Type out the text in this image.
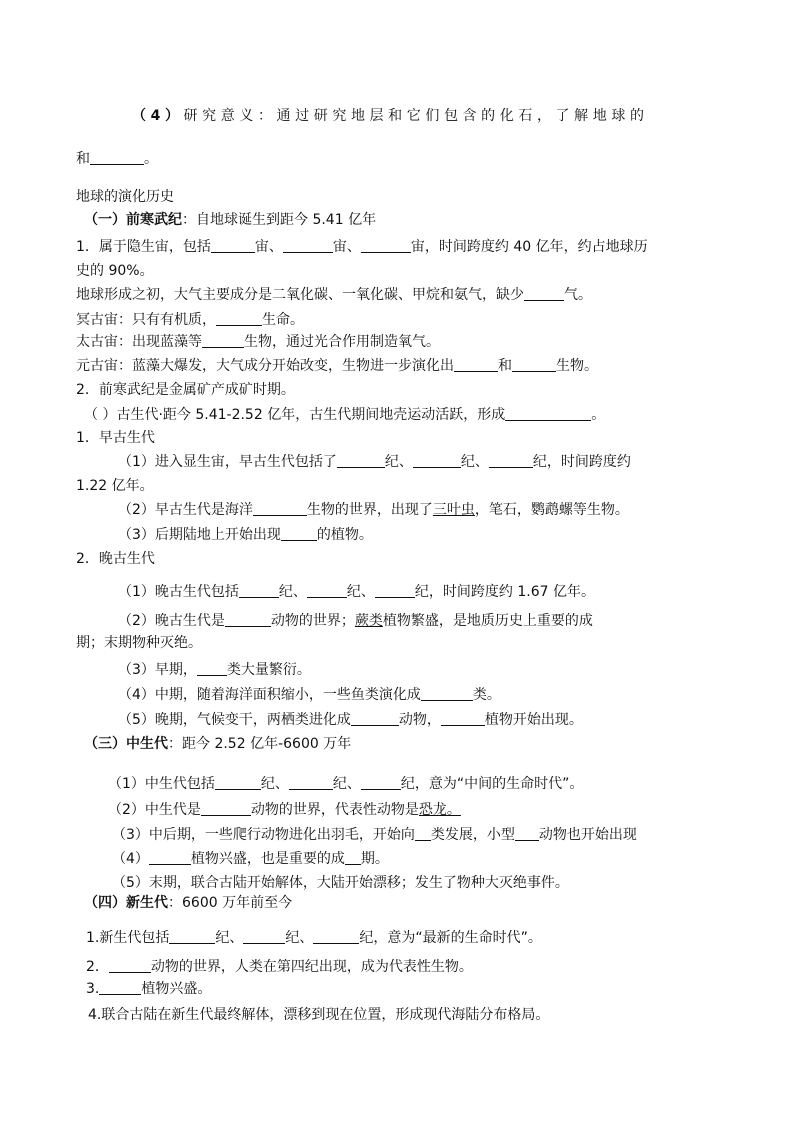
（4）研究意义：通过研究地层和它们包含的化石，了解地球的
和	。
地球的演化历史
（一）前寒武纪：自地球诞生到距今 5.41 亿年
1．属于隐生宙，包括	宙、	宙、	宙，时间跨度约 40 亿年，约占地球历
史的 90%。
地球形成之初，大气主要成分是二氧化碳、一氧化碳、甲烷和氨气，缺少	气。
冥古宙：只有有机质，	生命。
太古宙：出现蓝藻等	生物，通过光合作用制造氧气。
元古宙：蓝藻大爆发，大气成分开始改变，生物进一步演化出	和	生物。
2．前寒武纪是金属矿产成矿时期。
（ ）古生代·距今 5.41-2.52 亿年，古生代期间地壳运动活跃，形成	。
1．早古生代
（1）进入显生宙，早古生代包括了	纪、	纪、	纪，时间跨度约
1.22 亿年。
（2）早古生代是海洋	生物的世界，出现了三叶虫，笔石，鹦鹉螺等生物。
（3）后期陆地上开始出现	的植物。
2．晚古生代
（1）晚古生代包括	纪、	纪、	纪，时间跨度约 1.67 亿年。
（2）晚古生代是	动物的世界；蕨类植物繁盛，是地质历史上重要的成
期；末期物种灭绝。
（3）早期， 类大量繁衍。
（4）中期，随着海洋面积缩小，一些鱼类演化成	类。
（5）晚期，气候变干，两栖类进化成	动物，	植物开始出现。
（三）中生代：距今 2.52 亿年-6600 万年
（1）中生代包括	纪、	纪、	纪，意为“中间的生命时代”。
（2）中生代是	动物的世界，代表性动物是恐龙。
（3）中后期，一些爬行动物进化出羽毛，开始向 类发展，小型 动物也开始出现
（4）	植物兴盛，也是重要的成 期。
（5）末期，联合古陆开始解体，大陆开始漂移；发生了物种大灭绝事件。
（四）新生代：6600 万年前至今
1.新生代包括	纪、	纪、	纪，意为“最新的生命时代”。
2．	动物的世界，人类在第四纪出现，成为代表性生物。
3.	植物兴盛。
4.联合古陆在新生代最终解体，漂移到现在位置，形成现代海陆分布格局。
